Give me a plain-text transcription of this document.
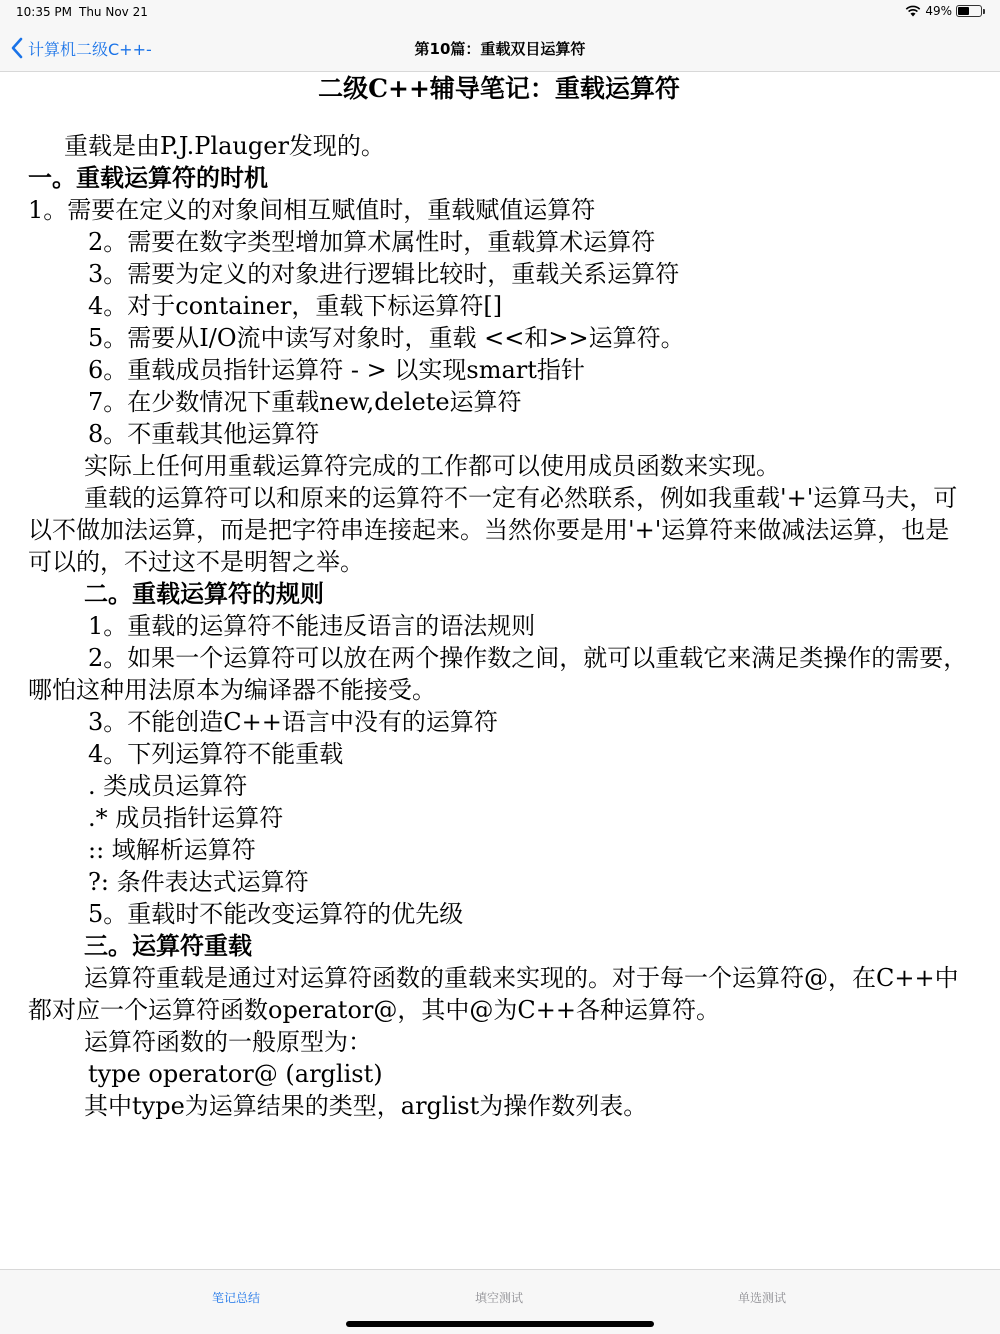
10:35 PM Thu Nov 21	49%
计算机二级C++-	第10篇：重载双目运算符
二级C++辅导笔记：重载运算符

重载是由P.J.Plauger发现的。

一。重载运算符的时机

1。需要在定义的对象间相互赋值时，重载赋值运算符

2。需要在数字类型增加算术属性时，重载算术运算符

3。需要为定义的对象进行逻辑比较时，重载关系运算符

4。对于container，重载下标运算符[]

5。需要从I/O流中读写对象时，重载 <<和>>运算符。

6。重载成员指针运算符 - > 以实现smart指针

7。在少数情况下重载new,delete运算符

8。不重载其他运算符

实际上任何用重载运算符完成的工作都可以使用成员函数来实现。

重载的运算符可以和原来的运算符不一定有必然联系，例如我重载'+'运算马夫，可以不做加法运算，而是把字符串连接起来。当然你要是用'+'运算符来做减法运算，也是可以的，不过这不是明智之举。

二。重载运算符的规则

1。重载的运算符不能违反语言的语法规则

2。如果一个运算符可以放在两个操作数之间，就可以重载它来满足类操作的需要，哪怕这种用法原本为编译器不能接受。

3。不能创造C++语言中没有的运算符

4。下列运算符不能重载

. 类成员运算符

.* 成员指针运算符

:: 域解析运算符

?: 条件表达式运算符

5。重载时不能改变运算符的优先级

三。运算符重载

运算符重载是通过对运算符函数的重载来实现的。对于每一个运算符@，在C++中都对应一个运算符函数operator@，其中@为C++各种运算符。

运算符函数的一般原型为：

type operator@ (arglist)

其中type为运算结果的类型，arglist为操作数列表。

笔记总结	填空测试	单选测试
